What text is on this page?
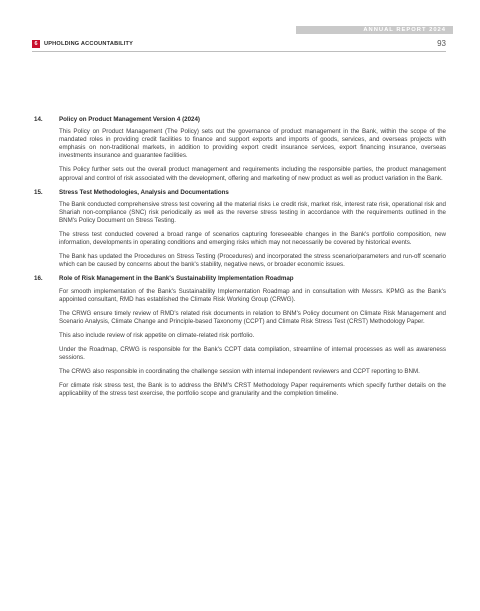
ANNUAL REPORT 2024
6	UPHOLDING ACCOUNTABILITY	93
14.	Policy on Product Management Version 4 (2024)

This Policy on Product Management (The Policy) sets out the governance of product management in the Bank, within the scope of the mandated roles in providing credit facilities to finance and support exports and imports of goods, services, and overseas projects with emphasis on non-traditional markets, in addition to providing export credit insurance services, export financing insurance, overseas investments insurance and guarantee facilities.

This Policy further sets out the overall product management and requirements including the responsible parties, the product management approval and control of risk associated with the development, offering and marketing of new product as well as product variation in the Bank.

15.	Stress Test Methodologies, Analysis and Documentations

The Bank conducted comprehensive stress test covering all the material risks i.e credit risk, market risk, interest rate risk, operational risk and Shariah non-compliance (SNC) risk periodically as well as the reverse stress testing in accordance with the requirements outlined in the BNM's Policy Document on Stress Testing.

The stress test conducted covered a broad range of scenarios capturing foreseeable changes in the Bank's portfolio composition, new information, developments in operating conditions and emerging risks which may not necessarily be covered by historical events.

The Bank has updated the Procedures on Stress Testing (Procedures) and incorporated the stress scenario/parameters and run-off scenario which can be caused by concerns about the bank's stability, negative news, or broader economic issues.

16.	Role of Risk Management in the Bank's Sustainability Implementation Roadmap

For smooth implementation of the Bank's Sustainability Implementation Roadmap and in consultation with Messrs. KPMG as the Bank's appointed consultant, RMD has established the Climate Risk Working Group (CRWG).

The CRWG ensure timely review of RMD's related risk documents in relation to BNM's Policy document on Climate Risk Management and Scenario Analysis, Climate Change and Principle-based Taxonomy (CCPT) and Climate Risk Stress Test (CRST) Methodology Paper.

This also include review of risk appetite on climate-related risk portfolio.

Under the Roadmap, CRWG is responsible for the Bank's CCPT data compilation, streamline of internal processes as well as awareness sessions.

The CRWG also responsible in coordinating the challenge session with internal independent reviewers and CCPT reporting to BNM.

For climate risk stress test, the Bank is to address the BNM's CRST Methodology Paper requirements which specify further details on the applicability of the stress test exercise, the portfolio scope and granularity and the completion timeline.
